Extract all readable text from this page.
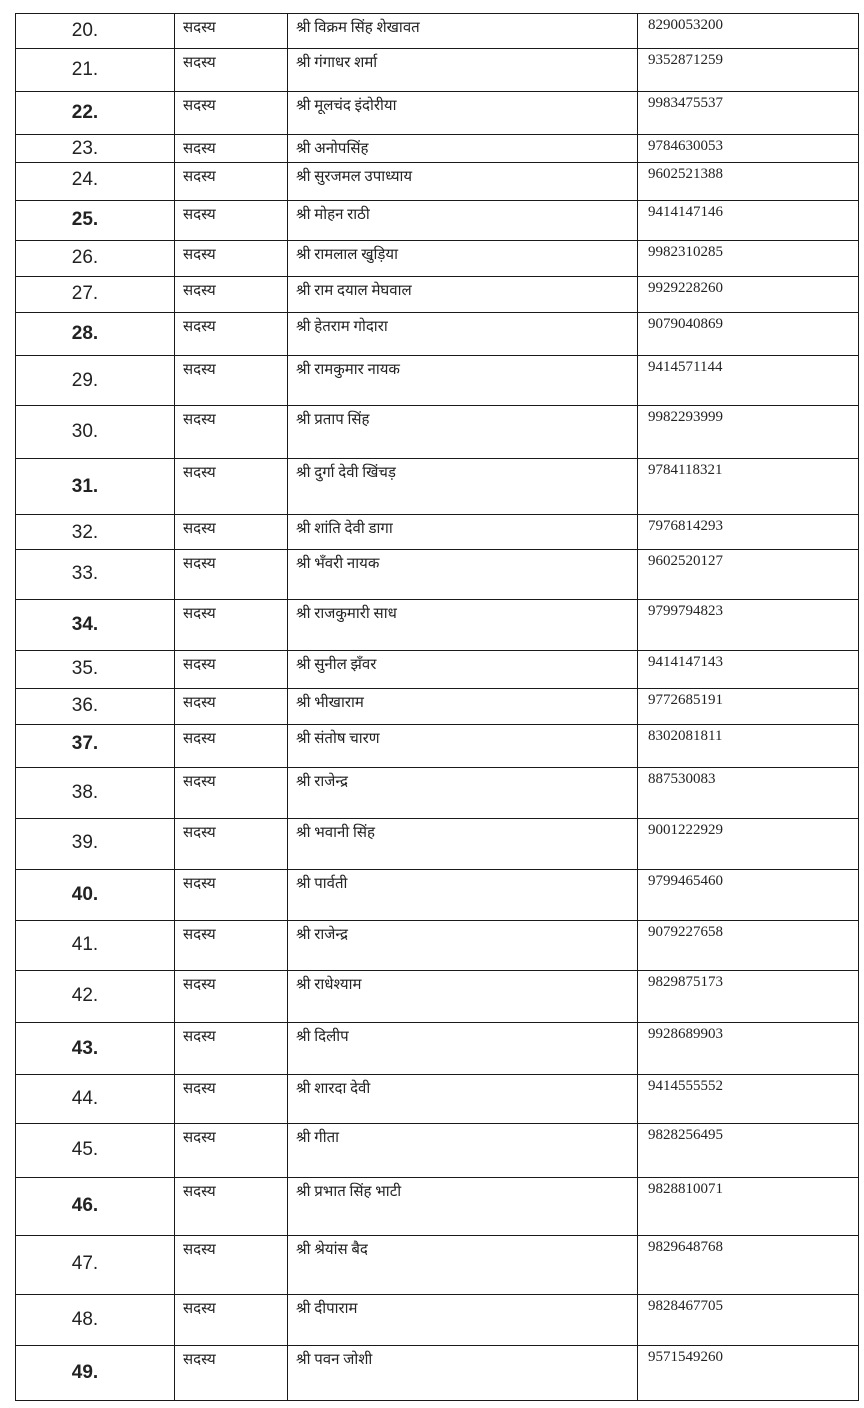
20.	सदस्य	श्री विक्रम सिंह शेखावत	8290053200

21.	सदस्य	श्री गंगाधर शर्मा	9352871259

22.	सदस्य	श्री मूलचंद इंदोरीया	9983475537

23.	सदस्य	श्री अनोपसिंह	9784630053

24.	सदस्य	श्री सुरजमल उपाध्याय	9602521388

25.	सदस्य	श्री मोहन राठी	9414147146

26.	सदस्य	श्री रामलाल खुड़िया	9982310285

27.	सदस्य	श्री राम दयाल मेघवाल	9929228260

28.	सदस्य	श्री हेतराम गोदारा	9079040869

29.	सदस्य	श्री रामकुमार नायक	9414571144

30.	सदस्य	श्री प्रताप सिंह	9982293999

31.	सदस्य	श्री दुर्गा देवी खिंचड़	9784118321

32.	सदस्य	श्री शांति देवी डागा	7976814293

33.	सदस्य	श्री भँवरी नायक	9602520127

34.	सदस्य	श्री राजकुमारी साध	9799794823

35.	सदस्य	श्री सुनील झँवर	9414147143

36.	सदस्य	श्री भीखाराम	9772685191

37.	सदस्य	श्री संतोष चारण	8302081811

38.	सदस्य	श्री राजेन्द्र	887530083

39.	सदस्य	श्री भवानी सिंह	9001222929

40.	सदस्य	श्री पार्वती	9799465460

41.	सदस्य	श्री राजेन्द्र	9079227658

42.	सदस्य	श्री राधेश्याम	9829875173

43.	सदस्य	श्री दिलीप	9928689903

44.	सदस्य	श्री शारदा देवी	9414555552

45.	सदस्य	श्री गीता	9828256495

46.	सदस्य	श्री प्रभात सिंह भाटी	9828810071

47.	सदस्य	श्री श्रेयांस बैद	9829648768

48.	सदस्य	श्री दीपाराम	9828467705

49.	सदस्य	श्री पवन जोशी	9571549260
